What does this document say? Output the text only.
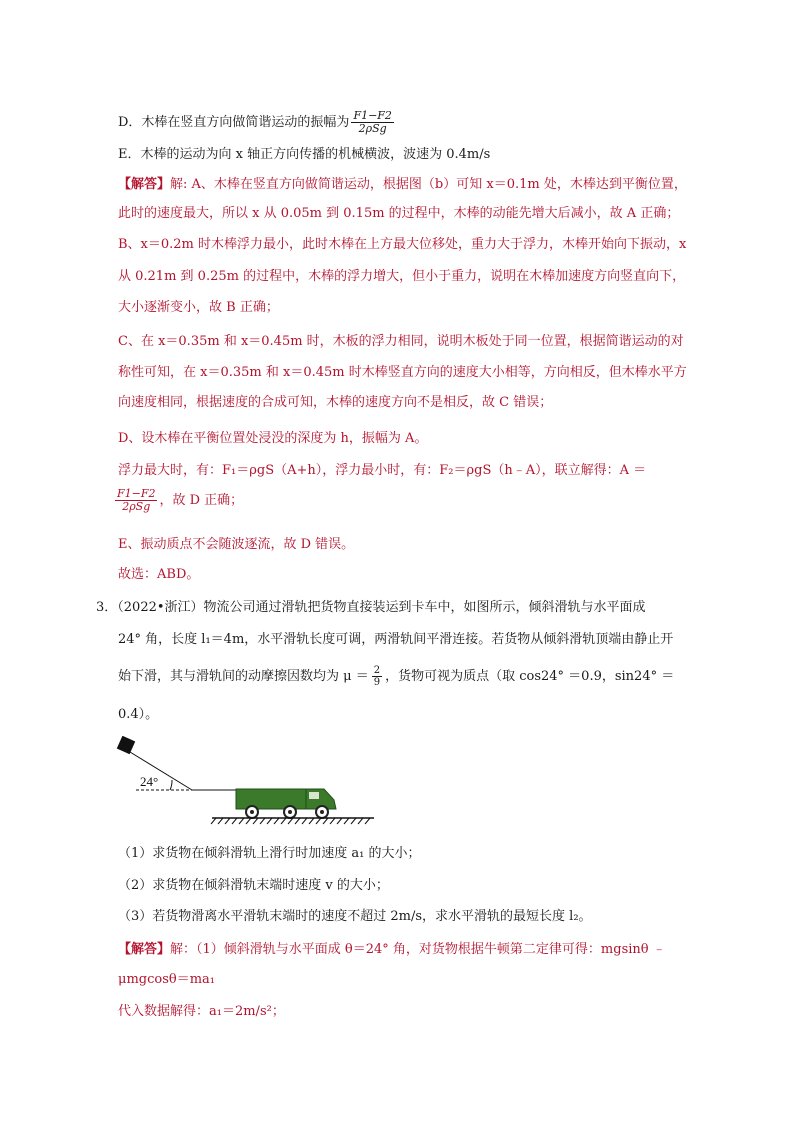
D．木棒在竖直方向做简谐运动的振幅为 $\frac{F1-F2}{\text{2ρSg}}$
E．木棒的运动为向 x 轴正方向传播的机械横波，波速为 0.4m/s
【解答】解: A、木棒在竖直方向做简谐运动，根据图（b）可知 x＝0.1m 处，木棒达到平衡位置，
此时的速度最大，所以 x 从 0.05m 到 0.15m 的过程中，木棒的动能先增大后减小，故 A 正确；
B、x＝0.2m 时木棒浮力最小，此时木棒在上方最大位移处，重力大于浮力，木棒开始向下振动，x
从 0.21m 到 0.25m 的过程中，木棒的浮力增大，但小于重力，说明在木棒加速度方向竖直向下，
大小逐渐变小，故 B 正确；
C、在 x＝0.35m 和 x＝0.45m 时，木板的浮力相同，说明木板处于同一位置，根据简谐运动的对
称性可知，在 x＝0.35m 和 x＝0.45m 时木棒竖直方向的速度大小相等，方向相反，但木棒水平方
向速度相同，根据速度的合成可知，木棒的速度方向不是相反，故 C 错误；
D、设木棒在平衡位置处浸没的深度为 h，振幅为 A。
浮力最大时，有：F₁＝ρgS（A+h），浮力最小时，有：F₂＝ρgS（h﹣A），联立解得：A ＝
$\frac{F1-F2}{\text{2ρSg}}$ ，故 D 正确；
E、振动质点不会随波逐流，故 D 错误。
故选：ABD。
3．（2022•浙江）物流公司通过滑轨把货物直接装运到卡车中，如图所示，倾斜滑轨与水平面成
24° 角，长度 l₁＝4m，水平滑轨长度可调，两滑轨间平滑连接。若货物从倾斜滑轨顶端由静止开
始下滑，其与滑轨间的动摩擦因数均为 $\mu = \frac{2}{9}$ ，货物可视为质点（取 cos24° ＝0.9，sin24° ＝
0.4）。
24°
（1）求货物在倾斜滑轨上滑行时加速度 a₁ 的大小；
（2）求货物在倾斜滑轨末端时速度 v 的大小；
（3）若货物滑离水平滑轨末端时的速度不超过 2m/s，求水平滑轨的最短长度 l₂。
【解答】解：（1）倾斜滑轨与水平面成 θ＝24° 角，对货物根据牛顿第二定律可得：mgsinθ ﹣
μmgcosθ＝ma₁
代入数据解得：a₁＝2m/s²；
